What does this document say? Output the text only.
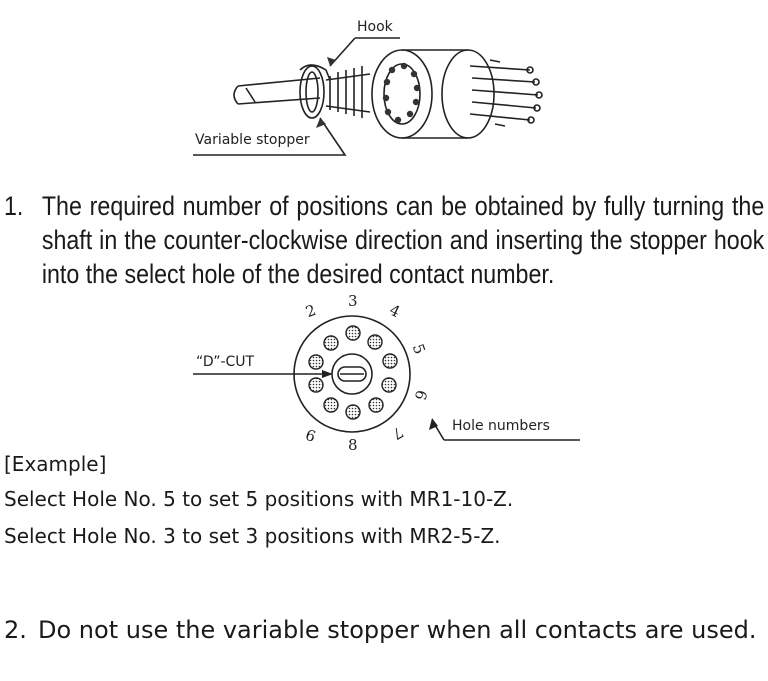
Hook
Variable stopper
1. The required number of positions can be obtained by fully turning the shaft in the counter-clockwise direction and inserting the stopper hook into the select hole of the desired contact number.
2 3 4
5
6
7
8
9
“D”-CUT
Hole numbers
[Example]
Select Hole No. 5 to set 5 positions with MR1-10-Z.
Select Hole No. 3 to set 3 positions with MR2-5-Z.
2. Do not use the variable stopper when all contacts are used.
